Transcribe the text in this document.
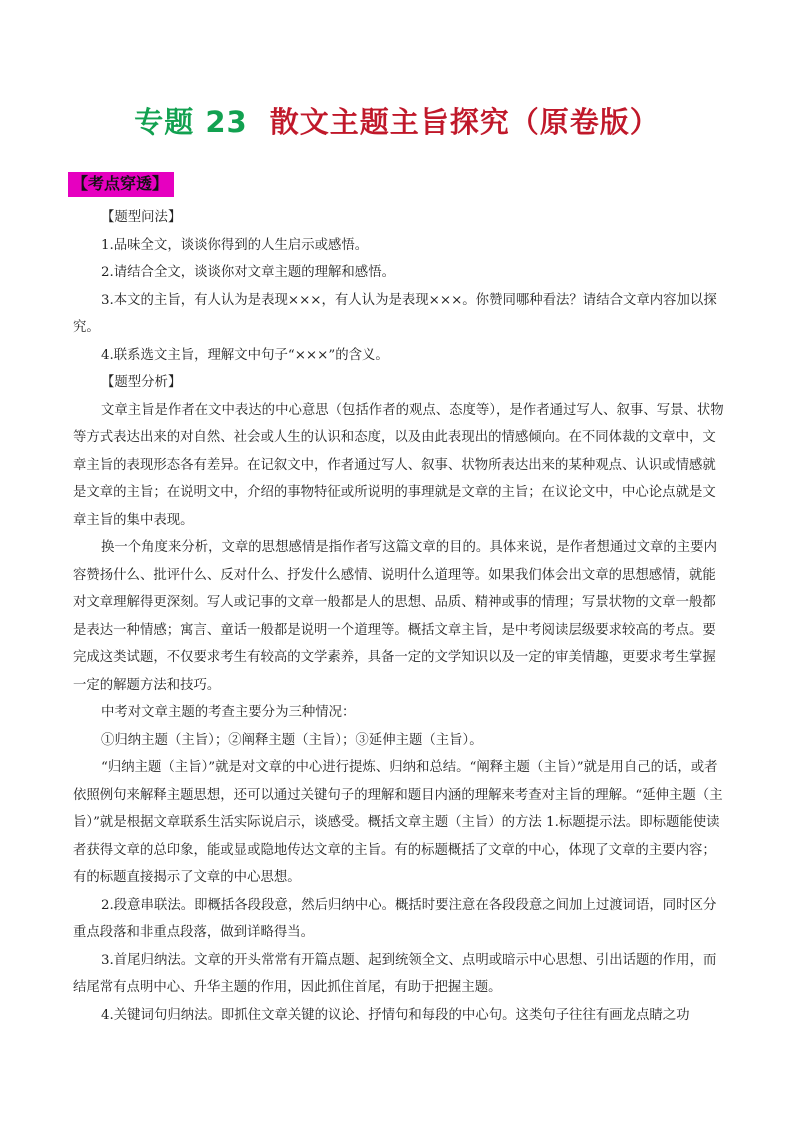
专题 23 散文主题主旨探究（原卷版）
【考点穿透】

【题型问法】

1.品味全文，谈谈你得到的人生启示或感悟。

2.请结合全文，谈谈你对文章主题的理解和感悟。

3.本文的主旨，有人认为是表现×××，有人认为是表现×××。你赞同哪种看法？请结合文章内容加以探究。

4.联系选文主旨，理解文中句子“×××”的含义。

【题型分析】

文章主旨是作者在文中表达的中心意思（包括作者的观点、态度等），是作者通过写人、叙事、写景、状物等方式表达出来的对自然、社会或人生的认识和态度，以及由此表现出的情感倾向。在不同体裁的文章中，文章主旨的表现形态各有差异。在记叙文中，作者通过写人、叙事、状物所表达出来的某种观点、认识或情感就是文章的主旨；在说明文中，介绍的事物特征或所说明的事理就是文章的主旨；在议论文中，中心论点就是文章主旨的集中表现。

换一个角度来分析，文章的思想感情是指作者写这篇文章的目的。具体来说，是作者想通过文章的主要内容赞扬什么、批评什么、反对什么、抒发什么感情、说明什么道理等。如果我们体会出文章的思想感情，就能对文章理解得更深刻。写人或记事的文章一般都是人的思想、品质、精神或事的情理；写景状物的文章一般都是表达一种情感；寓言、童话一般都是说明一个道理等。概括文章主旨，是中考阅读层级要求较高的考点。要完成这类试题，不仅要求考生有较高的文学素养，具备一定的文学知识以及一定的审美情趣，更要求考生掌握一定的解题方法和技巧。

中考对文章主题的考查主要分为三种情况：

①归纳主题（主旨）；②阐释主题（主旨）；③延伸主题（主旨）。

“归纳主题（主旨）”就是对文章的中心进行提炼、归纳和总结。“阐释主题（主旨）”就是用自己的话，或者依照例句来解释主题思想，还可以通过关键句子的理解和题目内涵的理解来考查对主旨的理解。“延伸主题（主旨）”就是根据文章联系生活实际说启示，谈感受。概括文章主题（主旨）的方法 1.标题提示法。即标题能使读者获得文章的总印象，能或显或隐地传达文章的主旨。有的标题概括了文章的中心，体现了文章的主要内容；有的标题直接揭示了文章的中心思想。

2.段意串联法。即概括各段段意，然后归纳中心。概括时要注意在各段段意之间加上过渡词语，同时区分重点段落和非重点段落，做到详略得当。

3.首尾归纳法。文章的开头常常有开篇点题、起到统领全文、点明或暗示中心思想、引出话题的作用，而结尾常有点明中心、升华主题的作用，因此抓住首尾，有助于把握主题。

4.关键词句归纳法。即抓住文章关键的议论、抒情句和每段的中心句。这类句子往往有画龙点睛之功
